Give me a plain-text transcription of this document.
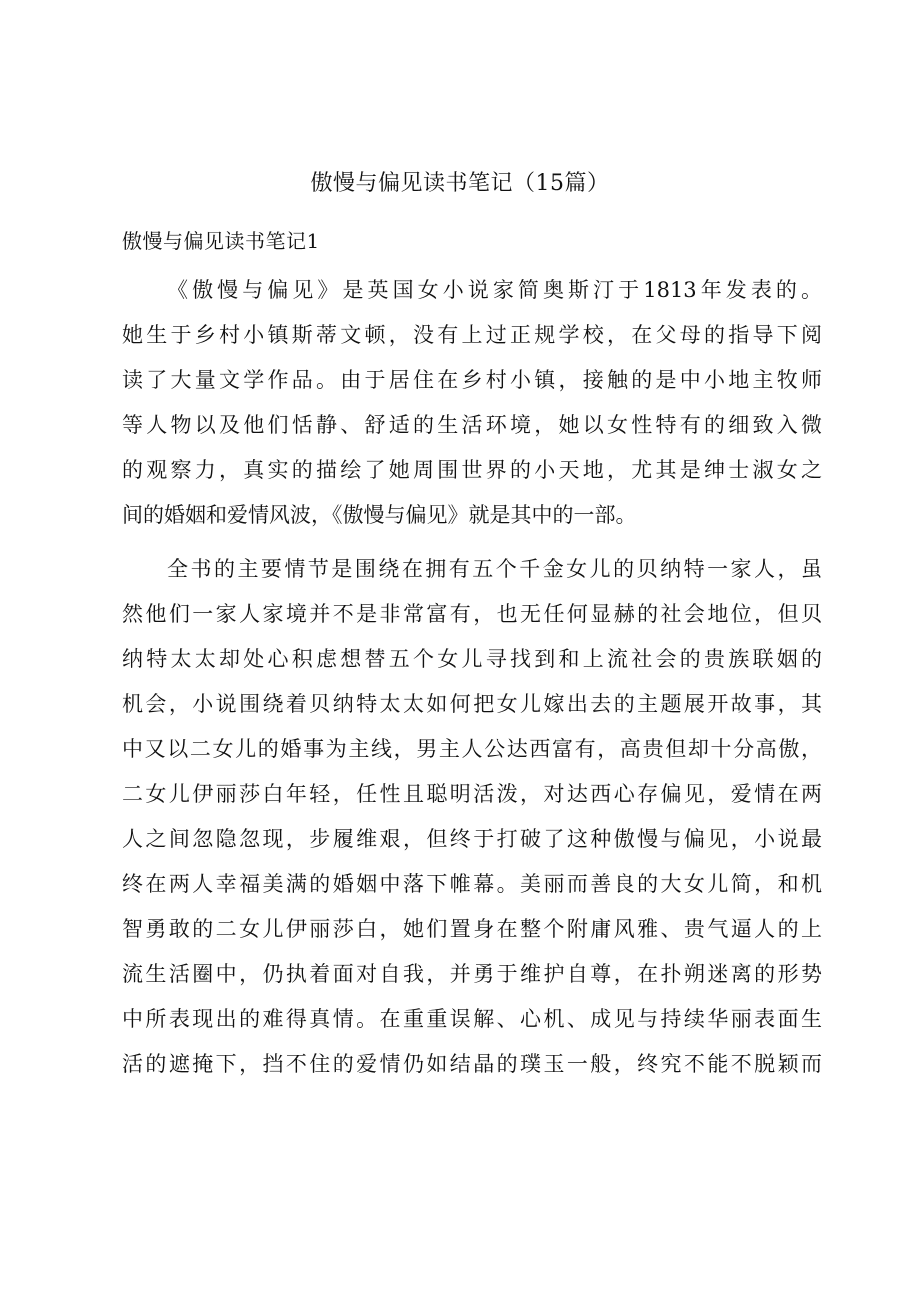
傲慢与偏见读书笔记（15篇）
傲慢与偏见读书笔记1
《傲慢与偏见》是英国女小说家简奥斯汀于1813年发表的。
她生于乡村小镇斯蒂文顿，没有上过正规学校，在父母的指导下阅
读了大量文学作品。由于居住在乡村小镇，接触的是中小地主牧师
等人物以及他们恬静、舒适的生活环境，她以女性特有的细致入微
的观察力，真实的描绘了她周围世界的小天地，尤其是绅士淑女之
间的婚姻和爱情风波，《傲慢与偏见》就是其中的一部。
全书的主要情节是围绕在拥有五个千金女儿的贝纳特一家人，虽
然他们一家人家境并不是非常富有，也无任何显赫的社会地位，但贝
纳特太太却处心积虑想替五个女儿寻找到和上流社会的贵族联姻的
机会，小说围绕着贝纳特太太如何把女儿嫁出去的主题展开故事，其
中又以二女儿的婚事为主线，男主人公达西富有，高贵但却十分高傲，
二女儿伊丽莎白年轻，任性且聪明活泼，对达西心存偏见，爱情在两
人之间忽隐忽现，步履维艰，但终于打破了这种傲慢与偏见，小说最
终在两人幸福美满的婚姻中落下帷幕。美丽而善良的大女儿简，和机
智勇敢的二女儿伊丽莎白，她们置身在整个附庸风雅、贵气逼人的上
流生活圈中，仍执着面对自我，并勇于维护自尊，在扑朔迷离的形势
中所表现出的难得真情。在重重误解、心机、成见与持续华丽表面生
活的遮掩下，挡不住的爱情仍如结晶的璞玉一般，终究不能不脱颖而
